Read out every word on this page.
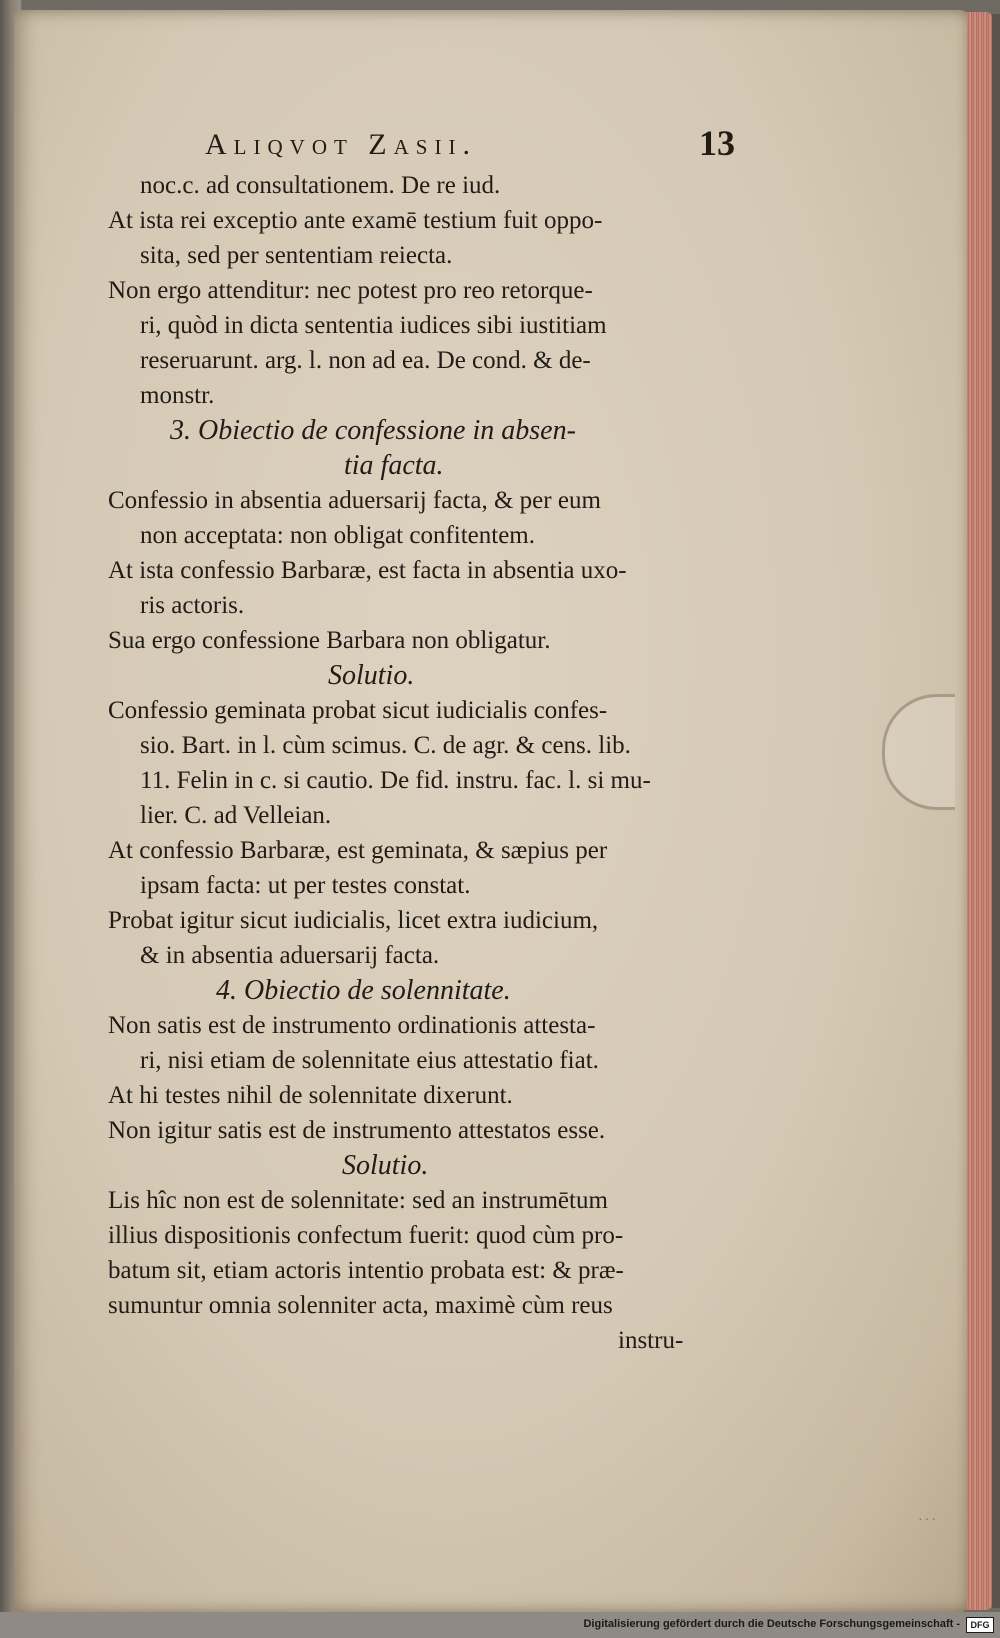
Aliqvot Zasii.	13
noc.c. ad consultationem. De re iud.
At ista rei exceptio ante examē testium fuit oppo-
sita, sed per sententiam reiecta.
Non ergo attenditur: nec potest pro reo retorque-
ri, quòd in dicta sententia iudices sibi iustitiam
reseruarunt. arg. l. non ad ea. De cond. & de-
monstr.
3. Obiectio de confessione in absen-
tia facta.
Confessio in absentia aduersarij facta, & per eum
non acceptata: non obligat confitentem.
At ista confessio Barbaræ, est facta in absentia uxo-
ris actoris.
Sua ergo confessione Barbara non obligatur.
Solutio.
Confessio geminata probat sicut iudicialis confes-
sio. Bart. in l. cùm scimus. C. de agr. & cens. lib.
11. Felin in c. si cautio. De fid. instru. fac. l. si mu-
lier. C. ad Velleian.
At confessio Barbaræ, est geminata, & sæpius per
ipsam facta: ut per testes constat.
Probat igitur sicut iudicialis, licet extra iudicium,
& in absentia aduersarij facta.
4. Obiectio de solennitate.
Non satis est de instrumento ordinationis attesta-
ri, nisi etiam de solennitate eius attestatio fiat.
At hi testes nihil de solennitate dixerunt.
Non igitur satis est de instrumento attestatos esse.
Solutio.
Lis hîc non est de solennitate: sed an instrumētum
illius dispositionis confectum fuerit: quod cùm pro-
batum sit, etiam actoris intentio probata est: & præ-
sumuntur omnia solenniter acta, maximè cùm reus
instru-
···
Digitalisierung gefördert durch die Deutsche Forschungsgemeinschaft -	DFG
